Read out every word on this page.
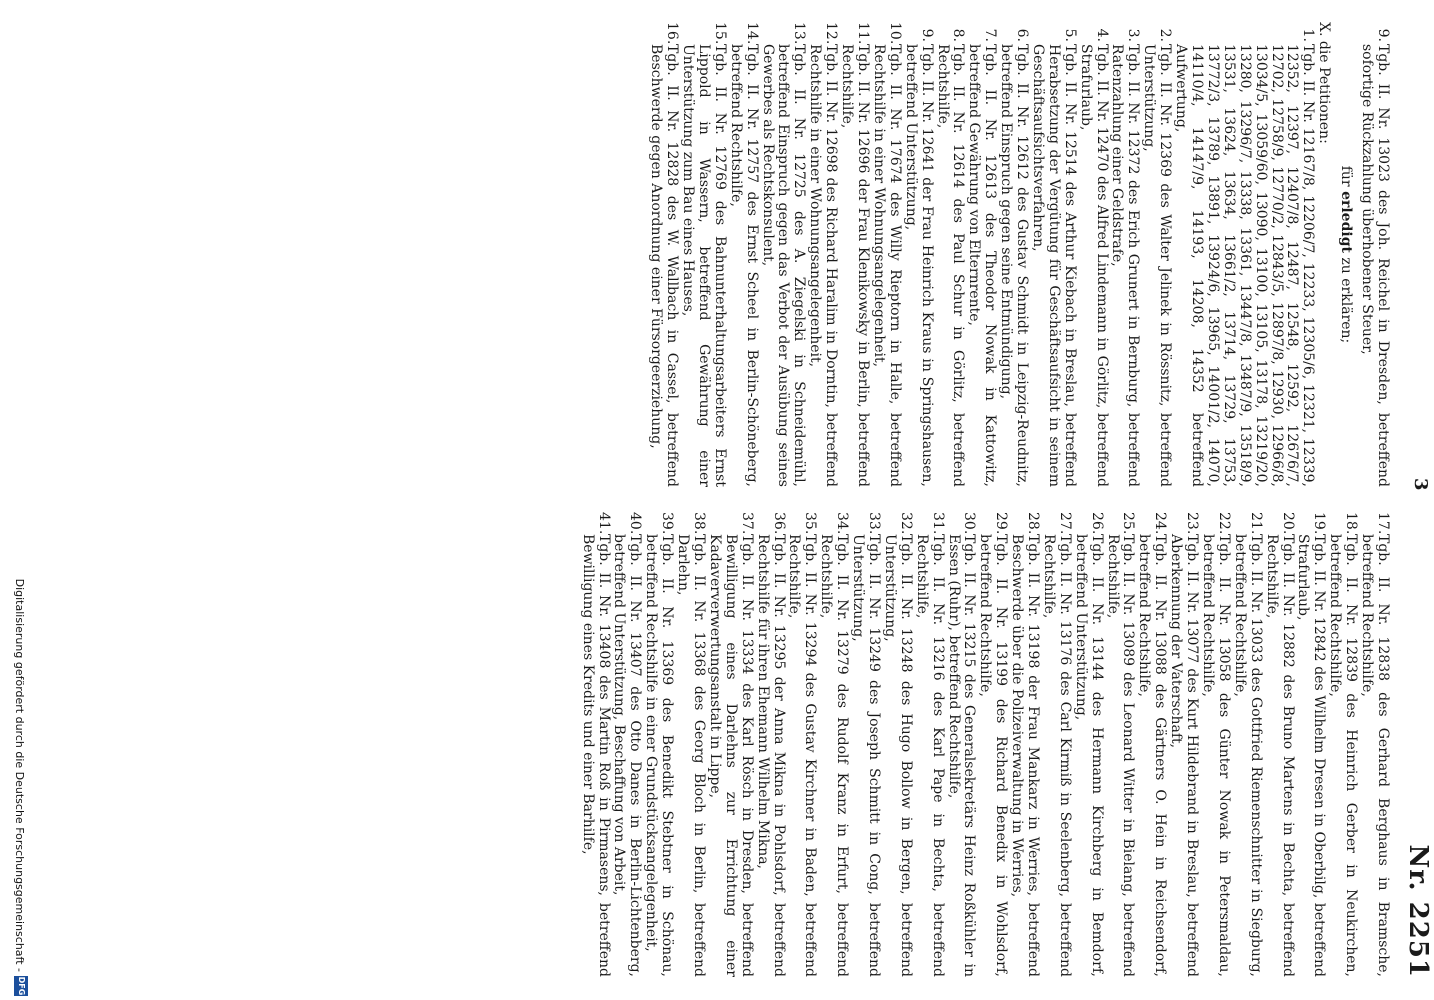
3
Nr. 2251

9.
Tgb. II. Nr. 13023 des Joh. Reichel in Dresden, betreffend sofortige Rückzahlung überhobener Steuer,

für erledigt zu erklären;

X. die Petitionen:

1.
Tgb. II. Nr. 12167/8, 12206/7, 12233, 12305/6, 12321, 12339, 12352, 12397, 12407/8, 12487, 12548, 12592, 12676/7, 12702, 12758/9, 12770/2, 12843/5, 12897/8, 12930, 12966/8, 13034/5, 13059/60, 13090, 13100, 13105, 13178, 13219/20, 13280, 13296/7, 13338, 13361, 13447/8, 13487/9, 13518/9, 13531, 13624, 13634, 13661/2, 13714, 13729, 13753, 13772/3, 13789, 13891, 13924/6, 13965, 14001/2, 14070, 14110/4, 14147/9, 14193, 14208, 14352 betreffend Aufwertung,

2.
Tgb. II. Nr. 12369 des Walter Jelinek in Rössnitz, betreffend Unterstützung,

3.
Tgb. II. Nr. 12372 des Erich Grunert in Bernburg, betreffend Ratenzahlung einer Geldstrafe,

4.
Tgb. II. Nr. 12470 des Alfred Lindemann in Görlitz, betreffend Strafurlaub,

5.
Tgb. II. Nr. 12514 des Arthur Kiebach in Breslau, betreffend Herabsetzung der Vergütung für Geschäftsaufsicht in seinem Geschäftsaufsichtsverfahren,

6.
Tgb. II. Nr. 12612 des Gustav Schmidt in Leipzig-Reudnitz, betreffend Einspruch gegen seine Entmündigung,

7.
Tgb. II. Nr. 12613 des Theodor Nowak in Kattowitz, betreffend Gewährung von Elternrente,

8.
Tgb. II. Nr. 12614 des Paul Schur in Görlitz, betreffend Rechtshilfe,

9.
Tgb. II. Nr. 12641 der Frau Heinrich Kraus in Springshausen, betreffend Unterstützung,

10.
Tgb. II. Nr. 17674 des Willy Rieptorn in Halle, betreffend Rechtshilfe in einer Wohnungsangelegenheit,

11.
Tgb. II. Nr. 12696 der Frau Klenikowsky in Berlin, betreffend Rechtshilfe,

12.
Tgb. II. Nr. 12698 des Richard Haralim in Dorntin, betreffend Rechtshilfe in einer Wohnungsangelegenheit,

13.
Tgb. II. Nr. 12725 des A. Ziegelski in Schneidemühl, betreffend Einspruch gegen das Verbot der Ausübung seines Gewerbes als Rechtskonsulent,

14.
Tgb. II. Nr. 12757 des Ernst Scheel in Berlin-Schöneberg, betreffend Rechtshilfe,

15.
Tgb. II. Nr. 12769 des Bahnunterhaltungsarbeiters Ernst Lippold in Wassern, betreffend Gewährung einer Unterstützung zum Bau eines Hauses,

16.
Tgb. II. Nr. 12828 des W. Wallbach in Cassel, betreffend Beschwerde gegen Anordnung einer Fürsorgeerziehung,

17.
Tgb. II. Nr. 12838 des Gerhard Berghaus in Bramsche, betreffend Rechtshilfe,

18.
Tgb. II. Nr. 12839 des Heinrich Gerber in Neukirchen, betreffend Rechtshilfe,

19.
Tgb. II. Nr. 12842 des Wilhelm Dresen in Oberbilg, betreffend Strafurlaub,

20.
Tgb. II. Nr. 12882 des Bruno Martens in Bechta, betreffend Rechtshilfe,

21.
Tgb. II. Nr. 13033 des Gottfried Riemenschnitter in Siegburg, betreffend Rechtshilfe,

22.
Tgb. II. Nr. 13058 des Günter Nowak in Petersmaldau, betreffend Rechtshilfe,

23.
Tgb. II. Nr. 13077 des Kurt Hildebrand in Breslau, betreffend Aberkennung der Vaterschaft,

24.
Tgb. II. Nr. 13088 des Gärtners O. Hein in Reichsendorf, betreffend Rechtshilfe,

25.
Tgb. II. Nr. 13089 des Leonard Witter in Bielang, betreffend Rechtshilfe,

26.
Tgb. II. Nr. 13144 des Hermann Kirchberg in Bemdorf, betreffend Unterstützung,

27.
Tgb. II. Nr. 13176 des Carl Kirmiß in Seelenberg, betreffend Rechtshilfe,

28.
Tgb. II. Nr. 13198 der Frau Mankarz in Werries, betreffend Beschwerde über die Polizeiverwaltung in Werries,

29.
Tgb. II. Nr. 13199 des Richard Benedix in Wohlsdorf, betreffend Rechtshilfe,

30.
Tgb. II. Nr. 13215 des Generalsekretärs Heinz Roßkühler in Essen (Ruhr), betreffend Rechtshilfe,

31.
Tgb. II. Nr. 13216 des Karl Pape in Bechta, betreffend Rechtshilfe,

32.
Tgb. II. Nr. 13248 des Hugo Bollow in Bergen, betreffend Unterstützung,

33.
Tgb. II. Nr. 13249 des Joseph Schmitt in Cong, betreffend Unterstützung,

34.
Tgb. II. Nr. 13279 des Rudolf Kranz in Erfurt, betreffend Rechtshilfe,

35.
Tgb. II. Nr. 13294 des Gustav Kirchner in Baden, betreffend Rechtshilfe,

36.
Tgb. II. Nr. 13295 der Anna Mikna in Pohlsdorf, betreffend Rechtshilfe für ihren Ehemann Wilhelm Mikna,

37.
Tgb. II. Nr. 13334 des Karl Rösch in Dresden, betreffend Bewilligung eines Darlehns zur Errichtung einer Kadaververwertungsanstalt in Lippe,

38.
Tgb. II. Nr. 13368 des Georg Bloch in Berlin, betreffend Darlehn,

39.
Tgb. II. Nr. 13369 des Benedikt Stebtner in Schönau, betreffend Rechtshilfe in einer Grundstücksangelegenheit,

40.
Tgb. II. Nr. 13407 des Otto Danes in Berlin-Lichtenberg, betreffend Unterstützung, Beschaffung von Arbeit,

41.
Tgb. II. Nr. 13408 des Martin Roß in Pirmasens, betreffend Bewilligung eines Kredits und einer Barhilfe,

Digitalisierung gefördert durch die Deutsche Forschungsgemeinschaft -
DFG
